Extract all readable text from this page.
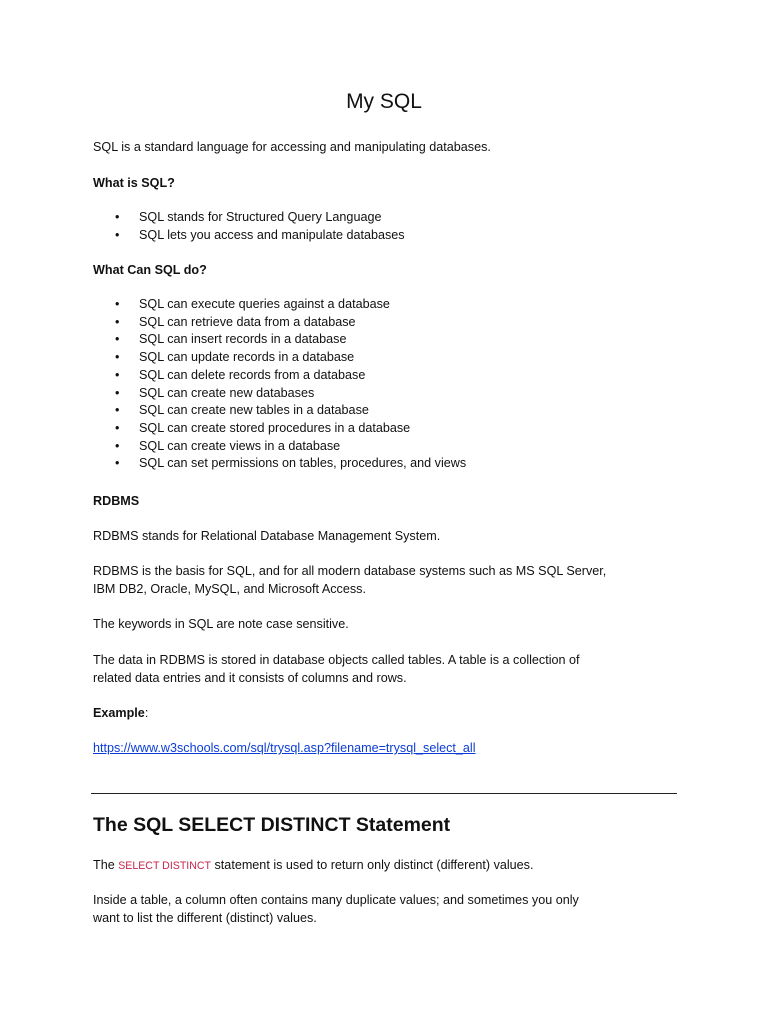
My SQL

SQL is a standard language for accessing and manipulating databases.

What is SQL?

• SQL stands for Structured Query Language
• SQL lets you access and manipulate databases

What Can SQL do?

• SQL can execute queries against a database
• SQL can retrieve data from a database
• SQL can insert records in a database
• SQL can update records in a database
• SQL can delete records from a database
• SQL can create new databases
• SQL can create new tables in a database
• SQL can create stored procedures in a database
• SQL can create views in a database
• SQL can set permissions on tables, procedures, and views

RDBMS

RDBMS stands for Relational Database Management System.

RDBMS is the basis for SQL, and for all modern database systems such as MS SQL Server,
IBM DB2, Oracle, MySQL, and Microsoft Access.

The keywords in SQL are note case sensitive.

The data in RDBMS is stored in database objects called tables. A table is a collection of
related data entries and it consists of columns and rows.

Example:

https://www.w3schools.com/sql/trysql.asp?filename=trysql_select_all

The SQL SELECT DISTINCT Statement

The SELECT DISTINCT statement is used to return only distinct (different) values.

Inside a table, a column often contains many duplicate values; and sometimes you only
want to list the different (distinct) values.
